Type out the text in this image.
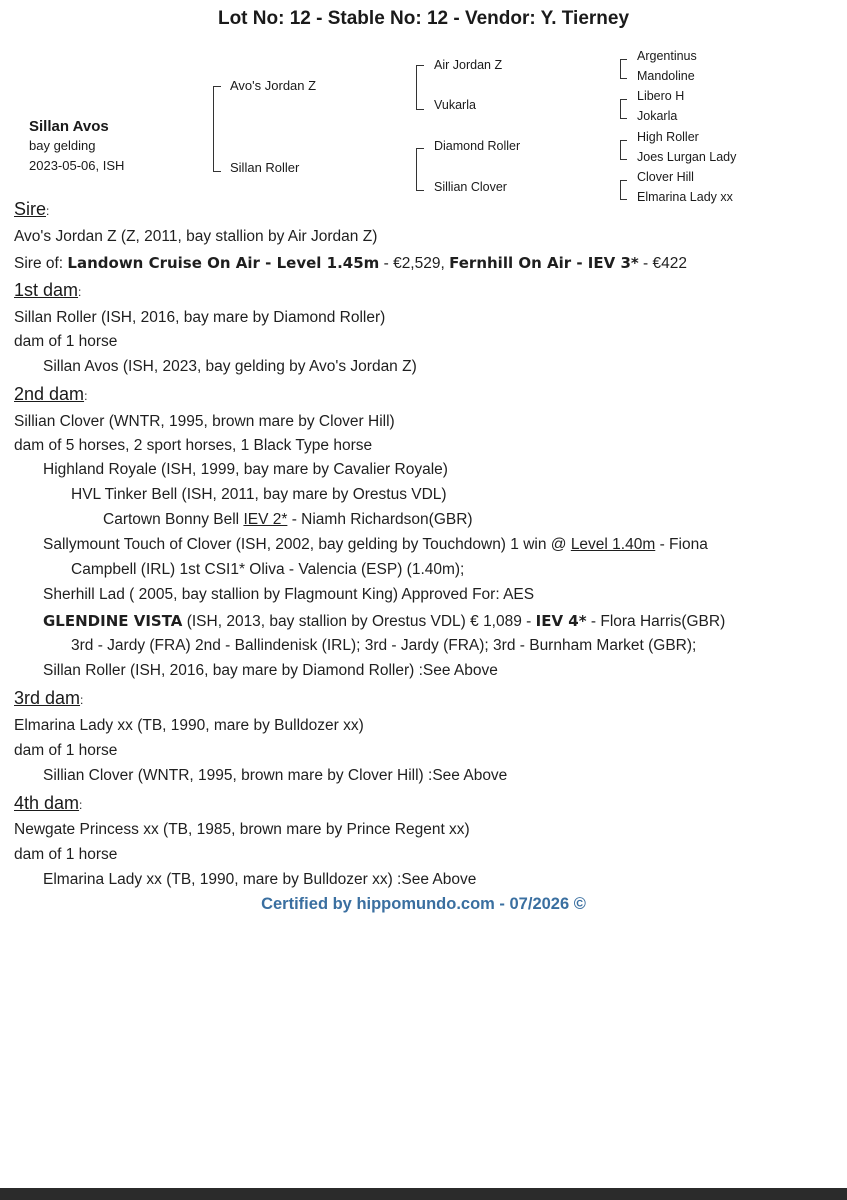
Lot No: 12 - Stable No: 12 - Vendor: Y. Tierney
Sillan Avos
bay gelding
2023-05-06, ISH
Avo's Jordan Z
Sillan Roller
Air Jordan Z
Vukarla
Diamond Roller
Sillian Clover
Argentinus
Mandoline
Libero H
Jokarla
High Roller
Joes Lurgan Lady
Clover Hill
Elmarina Lady xx
Sire:
Avo's Jordan Z (Z, 2011, bay stallion by Air Jordan Z)
Sire of: Landown Cruise On Air - Level 1.45m - €2,529, Fernhill On Air - IEV 3* - €422
1st dam:
Sillan Roller (ISH, 2016, bay mare by Diamond Roller)
dam of 1 horse
Sillan Avos (ISH, 2023, bay gelding by Avo's Jordan Z)
2nd dam:
Sillian Clover (WNTR, 1995, brown mare by Clover Hill)
dam of 5 horses, 2 sport horses, 1 Black Type horse
Highland Royale (ISH, 1999, bay mare by Cavalier Royale)
HVL Tinker Bell (ISH, 2011, bay mare by Orestus VDL)
Cartown Bonny Bell IEV 2* - Niamh Richardson(GBR)
Sallymount Touch of Clover (ISH, 2002, bay gelding by Touchdown) 1 win @ Level 1.40m - Fiona
Campbell (IRL) 1st CSI1* Oliva - Valencia (ESP) (1.40m);
Sherhill Lad ( 2005, bay stallion by Flagmount King) Approved For: AES
GLENDINE VISTA (ISH, 2013, bay stallion by Orestus VDL) € 1,089 - IEV 4* - Flora Harris(GBR)
3rd - Jardy (FRA) 2nd - Ballindenisk (IRL); 3rd - Jardy (FRA); 3rd - Burnham Market (GBR);
Sillan Roller (ISH, 2016, bay mare by Diamond Roller) :See Above
3rd dam:
Elmarina Lady xx (TB, 1990, mare by Bulldozer xx)
dam of 1 horse
Sillian Clover (WNTR, 1995, brown mare by Clover Hill) :See Above
4th dam:
Newgate Princess xx (TB, 1985, brown mare by Prince Regent xx)
dam of 1 horse
Elmarina Lady xx (TB, 1990, mare by Bulldozer xx) :See Above
Certified by hippomundo.com - 07/2026 ©
